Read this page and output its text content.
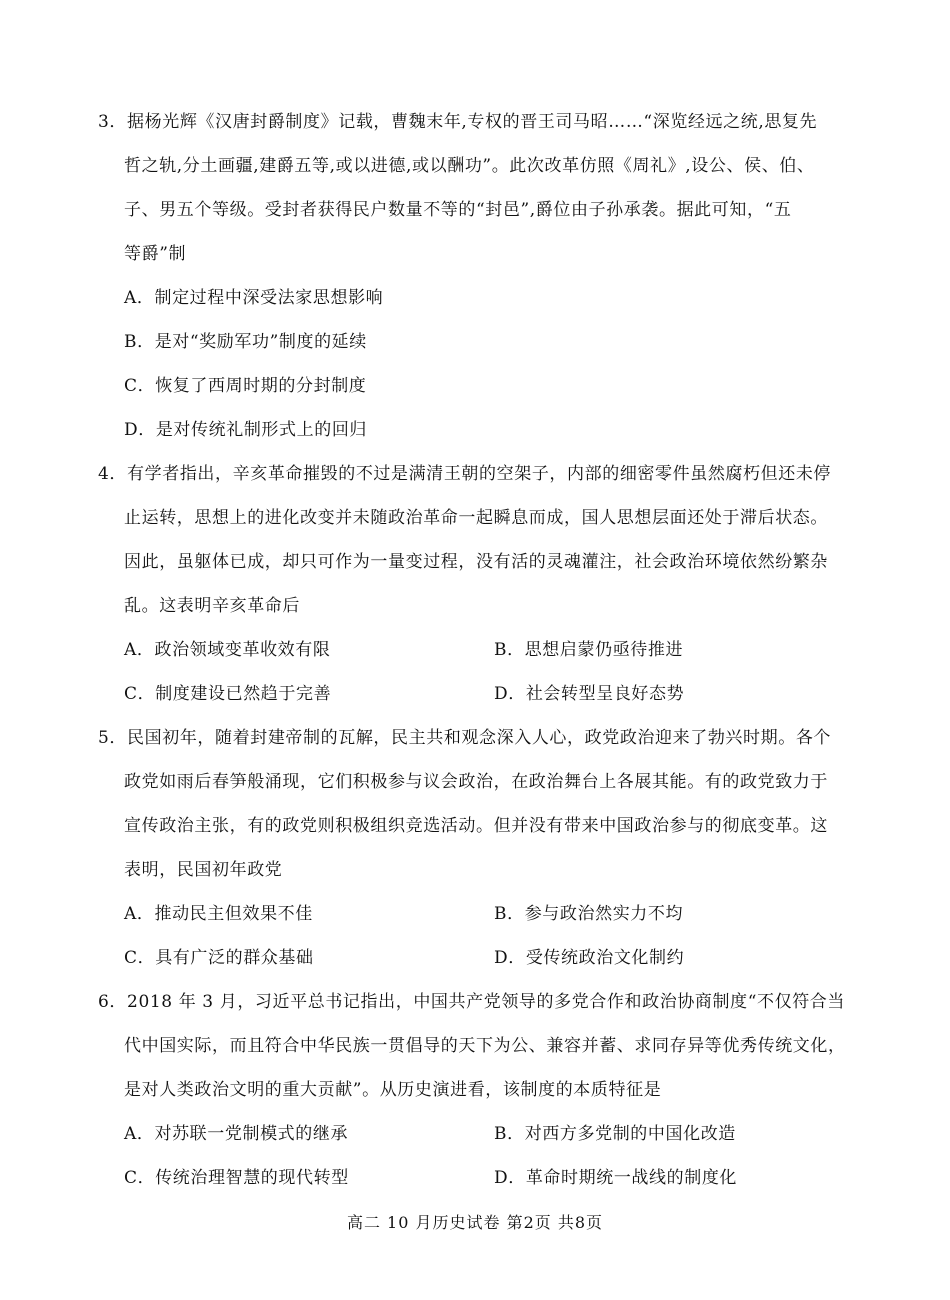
3．据杨光辉《汉唐封爵制度》记载，曹魏末年,专权的晋王司马昭……“深览经远之统,思复先
哲之轨,分土画疆,建爵五等,或以进德,或以酬功”。此次改革仿照《周礼》,设公、侯、伯、
子、男五个等级。受封者获得民户数量不等的“封邑”,爵位由子孙承袭。据此可知，“五
等爵”制
A．制定过程中深受法家思想影响
B．是对“奖励军功”制度的延续
C．恢复了西周时期的分封制度
D．是对传统礼制形式上的回归
4．有学者指出，辛亥革命摧毁的不过是满清王朝的空架子，内部的细密零件虽然腐朽但还未停
止运转，思想上的进化改变并未随政治革命一起瞬息而成，国人思想层面还处于滞后状态。
因此，虽躯体已成，却只可作为一量变过程，没有活的灵魂灌注，社会政治环境依然纷繁杂
乱。这表明辛亥革命后
A．政治领域变革收效有限	B．思想启蒙仍亟待推进
C．制度建设已然趋于完善	D．社会转型呈良好态势
5．民国初年，随着封建帝制的瓦解，民主共和观念深入人心，政党政治迎来了勃兴时期。各个
政党如雨后春笋般涌现，它们积极参与议会政治，在政治舞台上各展其能。有的政党致力于
宣传政治主张，有的政党则积极组织竞选活动。但并没有带来中国政治参与的彻底变革。这
表明，民国初年政党
A．推动民主但效果不佳	B．参与政治然实力不均
C．具有广泛的群众基础	D．受传统政治文化制约
6．2018 年 3 月，习近平总书记指出，中国共产党领导的多党合作和政治协商制度“不仅符合当
代中国实际，而且符合中华民族一贯倡导的天下为公、兼容并蓄、求同存异等优秀传统文化，
是对人类政治文明的重大贡献”。从历史演进看，该制度的本质特征是
A．对苏联一党制模式的继承	B．对西方多党制的中国化改造
C．传统治理智慧的现代转型	D．革命时期统一战线的制度化
高二 10 月历史试卷 第2页 共8页
